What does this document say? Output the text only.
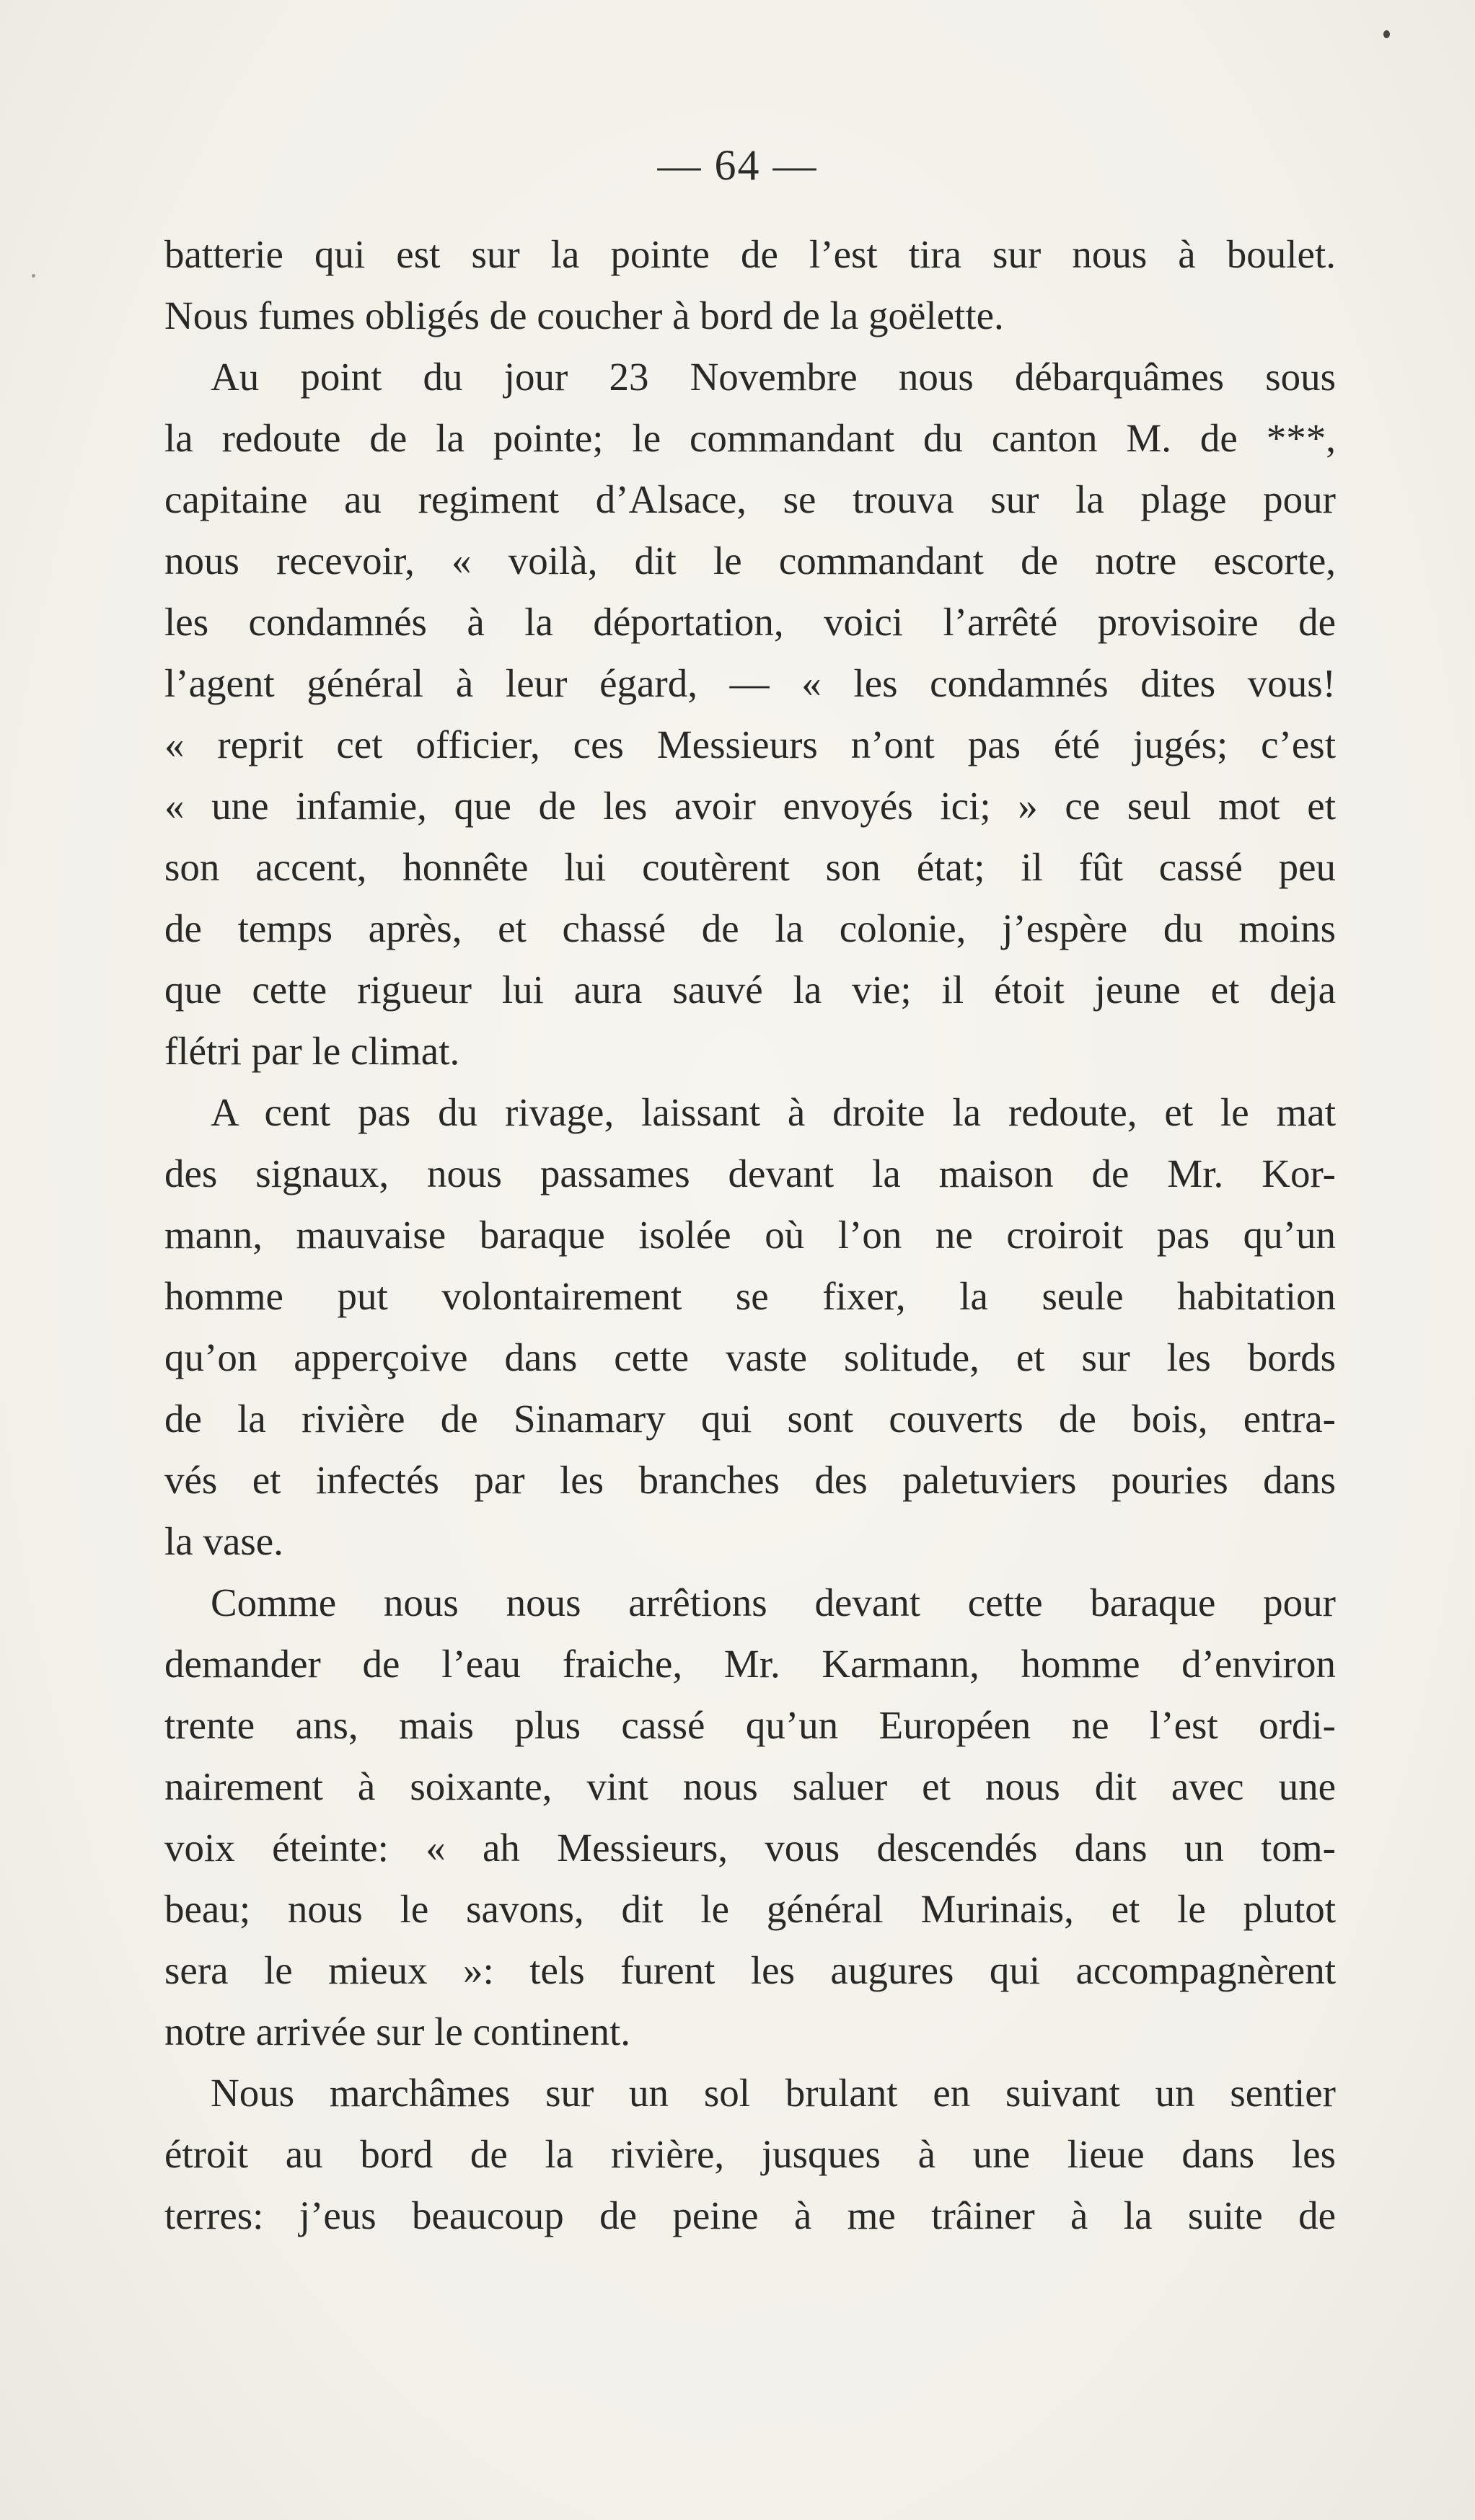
— 64 —

batterie qui est sur la pointe de l’est tira sur nous à boulet.
Nous fumes obligés de coucher à bord de la goëlette.

Au point du jour 23 Novembre nous débarquâmes sous
la redoute de la pointe; le commandant du canton M. de ***,
capitaine au regiment d’Alsace, se trouva sur la plage pour
nous recevoir, « voilà, dit le commandant de notre escorte,
les condamnés à la déportation, voici l’arrêté provisoire de
l’agent général à leur égard, — « les condamnés dites vous!
« reprit cet officier, ces Messieurs n’ont pas été jugés; c’est
« une infamie, que de les avoir envoyés ici; » ce seul mot et
son accent, honnête lui coutèrent son état; il fût cassé peu
de temps après, et chassé de la colonie, j’espère du moins
que cette rigueur lui aura sauvé la vie; il étoit jeune et deja
flétri par le climat.

A cent pas du rivage, laissant à droite la redoute, et le mat
des signaux, nous passames devant la maison de Mr. Kor-
mann, mauvaise baraque isolée où l’on ne croiroit pas qu’un
homme put volontairement se fixer, la seule habitation
qu’on apperçoive dans cette vaste solitude, et sur les bords
de la rivière de Sinamary qui sont couverts de bois, entra-
vés et infectés par les branches des paletuviers pouries dans
la vase.

Comme nous nous arrêtions devant cette baraque pour
demander de l’eau fraiche, Mr. Karmann, homme d’environ
trente ans, mais plus cassé qu’un Européen ne l’est ordi-
nairement à soixante, vint nous saluer et nous dit avec une
voix éteinte: « ah Messieurs, vous descendés dans un tom-
beau; nous le savons, dit le général Murinais, et le plutot
sera le mieux »: tels furent les augures qui accompagnèrent
notre arrivée sur le continent.

Nous marchâmes sur un sol brulant en suivant un sentier
étroit au bord de la rivière, jusques à une lieue dans les
terres: j’eus beaucoup de peine à me trâiner à la suite de
